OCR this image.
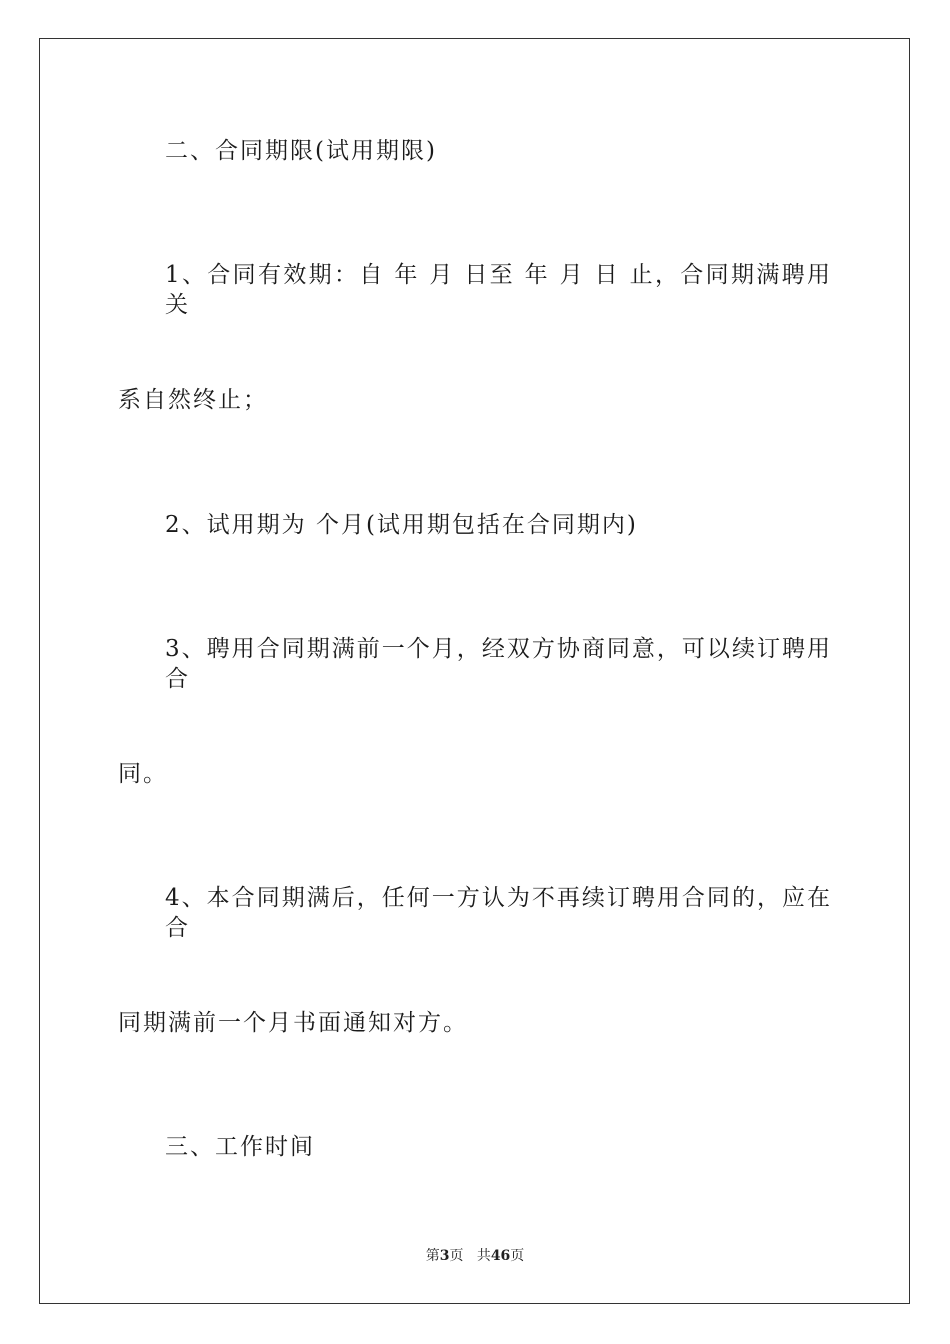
二、合同期限(试用期限)
1、合同有效期：自 年 月 日至 年 月 日 止，合同期满聘用关
系自然终止；
2、试用期为 个月(试用期包括在合同期内)
3、聘用合同期满前一个月，经双方协商同意，可以续订聘用合
同。
4、本合同期满后，任何一方认为不再续订聘用合同的，应在合
同期满前一个月书面通知对方。
三、工作时间
第3页 共46页
